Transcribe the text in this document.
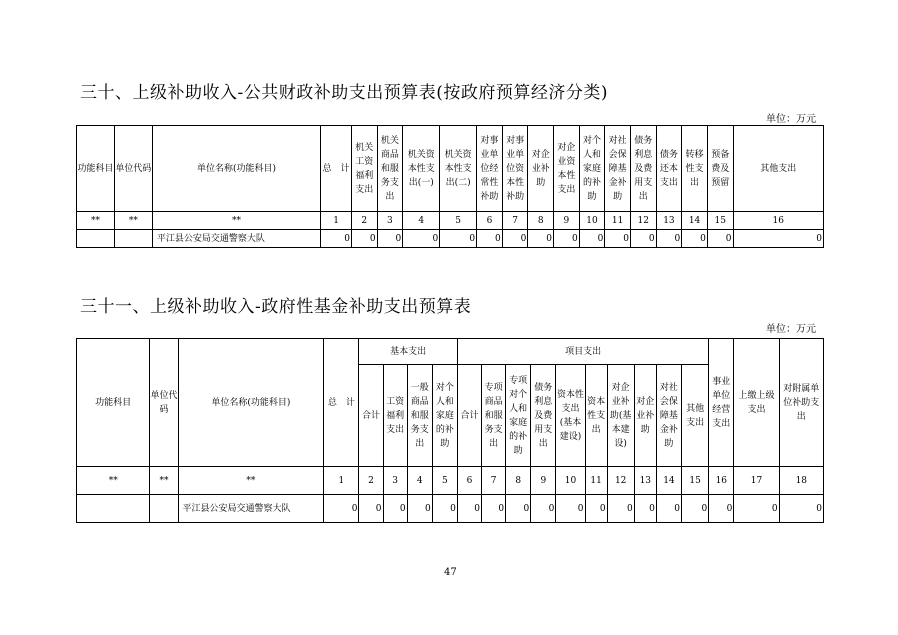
三十、上级补助收入-公共财政补助支出预算表(按政府预算经济分类)
单位：万元
功能科目	单位代码	单位名称(功能科目)	总　计	机关工资福利支出	机关商品和服务支出	机关资本性支出(一)	机关资本性支出(二)	对事业单位经常性补助	对事业单位资本性补助	对企业补助	对企业资本性支出	对个人和家庭的补助	对社会保障基金补助	债务利息及费用支出	债务还本支出	转移性支出	预备费及预留	其他支出
**	**	**	1	2	3	4	5	6	7	8	9	10	11	12	13	14	15	16
		平江县公安局交通警察大队	0	0	0	0	0	0	0	0	0	0	0	0	0	0	0	0
三十一、上级补助收入-政府性基金补助支出预算表
单位：万元
功能科目	单位代码	单位名称(功能科目)	总　计	基本支出				项目支出										事业单位经营支出	上缴上级支出	对附属单位补助支出
				合计	工资福利支出	一般商品和服务支出	对个人和家庭的补助	合计	专项商品和服务支出	专项对个人和家庭的补助	债务利息及费用支出	资本性支出(基本建设)	资本性支出	对企业补助(基本建设)	对企业补助	对社会保障基金补助	其他支出			
**	**	**	1	2	3	4	5	6	7	8	9	10	11	12	13	14	15	16	17	18
		平江县公安局交通警察大队	0	0	0	0	0	0	0	0	0	0	0	0	0	0	0	0	0	0
47
